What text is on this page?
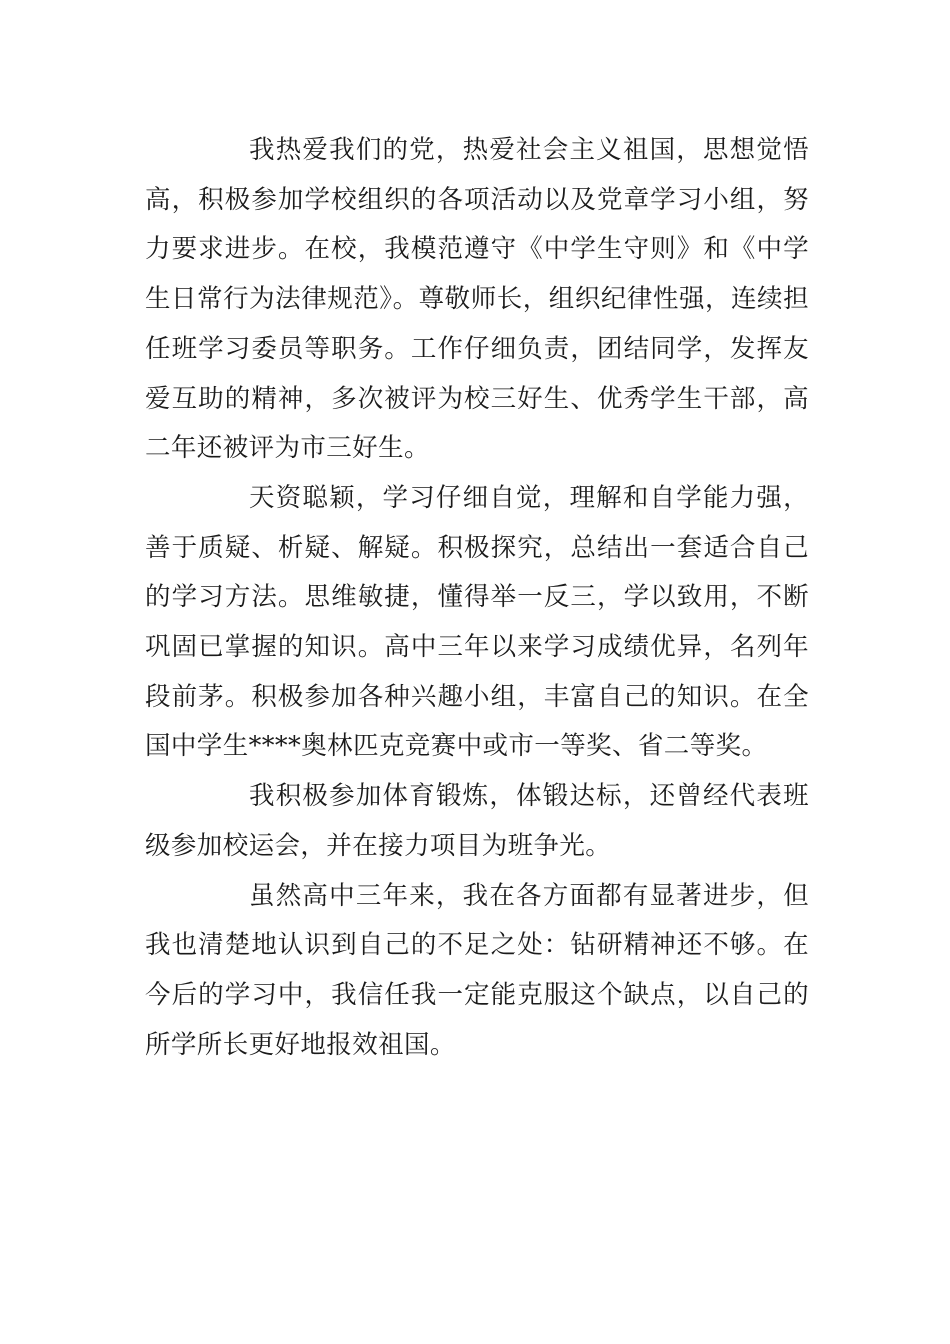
我热爱我们的党，热爱社会主义祖国，思想觉悟高，积极参加学校组织的各项活动以及党章学习小组，努力要求进步。在校，我模范遵守《中学生守则》和《中学生日常行为法律规范》。尊敬师长，组织纪律性强，连续担任班学习委员等职务。工作仔细负责，团结同学，发挥友爱互助的精神，多次被评为校三好生、优秀学生干部，高二年还被评为市三好生。

天资聪颖，学习仔细自觉，理解和自学能力强，善于质疑、析疑、解疑。积极探究，总结出一套适合自己的学习方法。思维敏捷，懂得举一反三，学以致用，不断巩固已掌握的知识。高中三年以来学习成绩优异，名列年段前茅。积极参加各种兴趣小组，丰富自己的知识。在全国中学生****奥林匹克竞赛中或市一等奖、省二等奖。

我积极参加体育锻炼，体锻达标，还曾经代表班级参加校运会，并在接力项目为班争光。

虽然高中三年来，我在各方面都有显著进步，但我也清楚地认识到自己的不足之处：钻研精神还不够。在今后的学习中，我信任我一定能克服这个缺点，以自己的所学所长更好地报效祖国。
